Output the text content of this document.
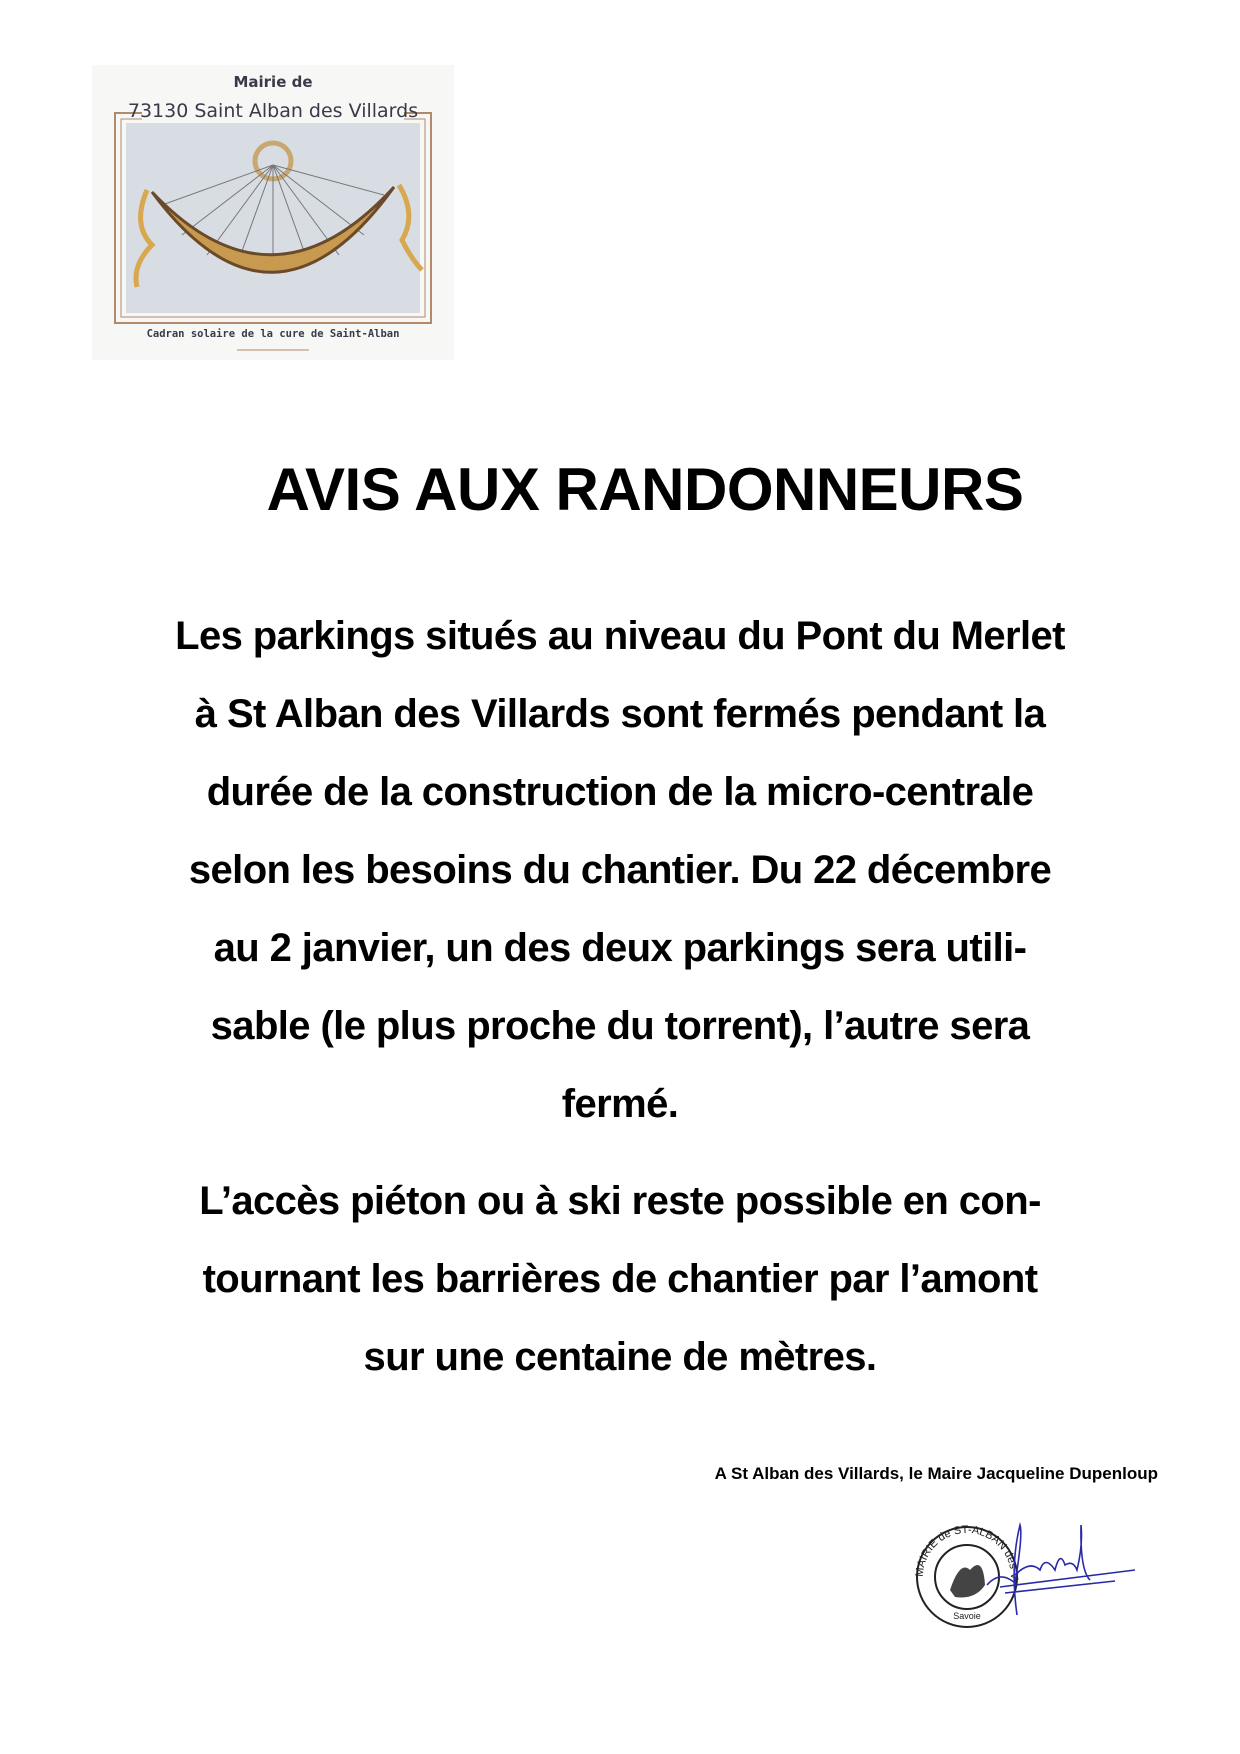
Mairie de
73130 Saint Alban des Villards
Cadran solaire de la cure de Saint-Alban
AVIS AUX RANDONNEURS
Les parkings situés au niveau du Pont du Merlet
à St Alban des Villards sont fermés pendant la
durée de la construction de la micro-centrale
selon les besoins du chantier. Du 22 décembre
au 2 janvier, un des deux parkings sera utili-
sable (le plus proche du torrent), l’autre sera
fermé.
L’accès piéton ou à ski reste possible en con-
tournant les barrières de chantier par l’amont
sur une centaine de mètres.
A St Alban des Villards, le Maire Jacqueline Dupenloup
MAIRIE de ST-ALBAN des V
Savoie
